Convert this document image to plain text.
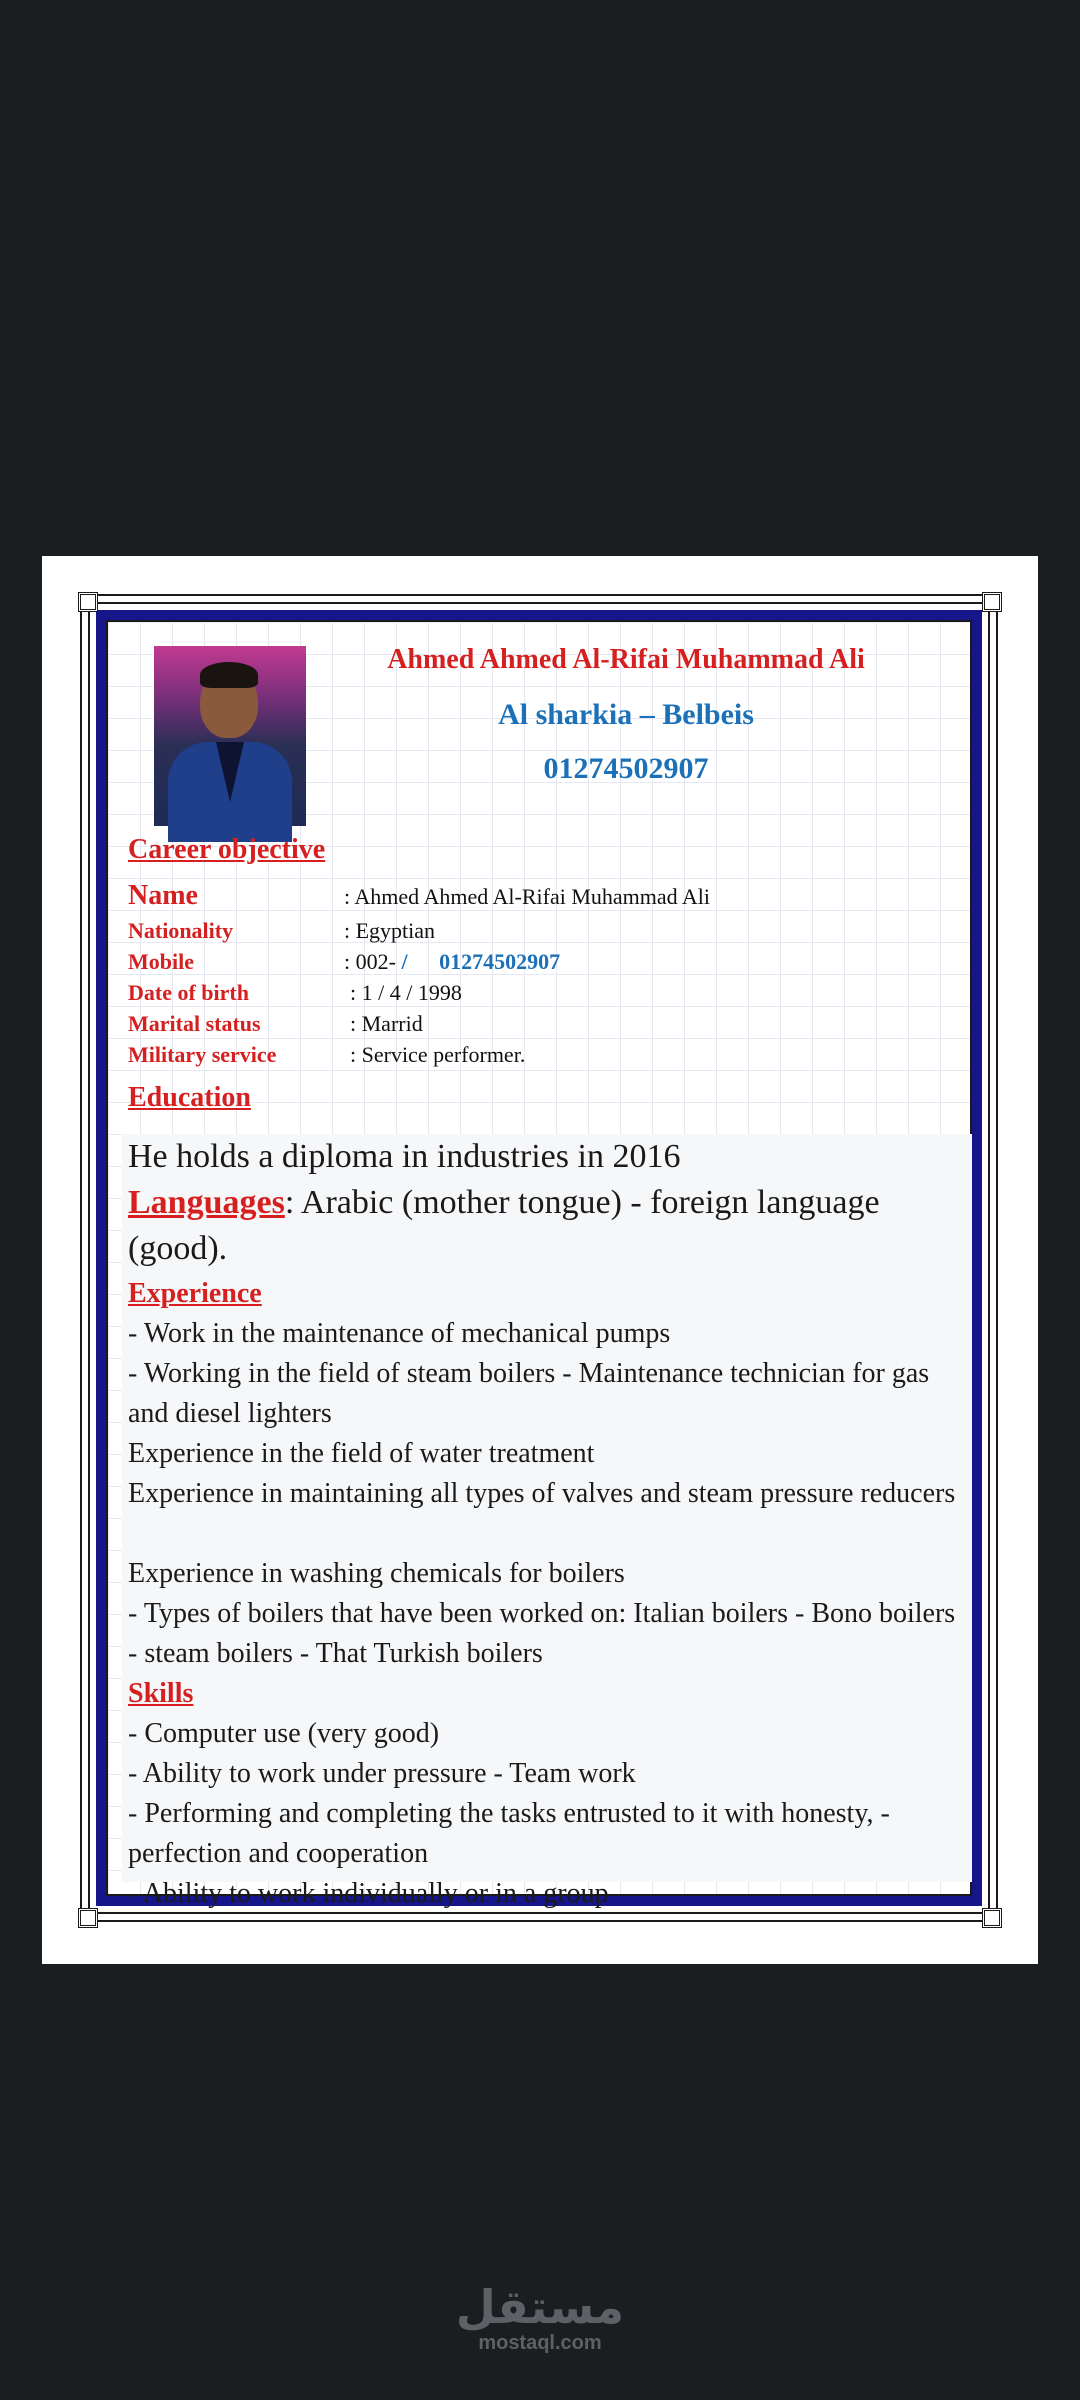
Ahmed Ahmed Al-Rifai Muhammad Ali
Al sharkia – Belbeis
01274502907
Career objective
Name	: Ahmed Ahmed Al-Rifai Muhammad Ali
Nationality	: Egyptian
Mobile	: 002- / 01274502907
Date of birth	: 1 / 4 / 1998
Marital status	: Marrid
Military service	: Service performer.
Education
He holds a diploma in industries in 2016
Languages: Arabic (mother tongue) - foreign language (good).
Experience
- Work in the maintenance of mechanical pumps
- Working in the field of steam boilers - Maintenance technician for gas and diesel lighters
Experience in the field of water treatment
Experience in maintaining all types of valves and steam pressure reducers
Experience in washing chemicals for boilers
- Types of boilers that have been worked on: Italian boilers - Bono boilers - steam boilers - That Turkish boilers
Skills
- Computer use (very good)
- Ability to work under pressure - Team work
- Performing and completing the tasks entrusted to it with honesty, - perfection and cooperation
- Ability to work individually or in a group
مستقل
mostaql.com
